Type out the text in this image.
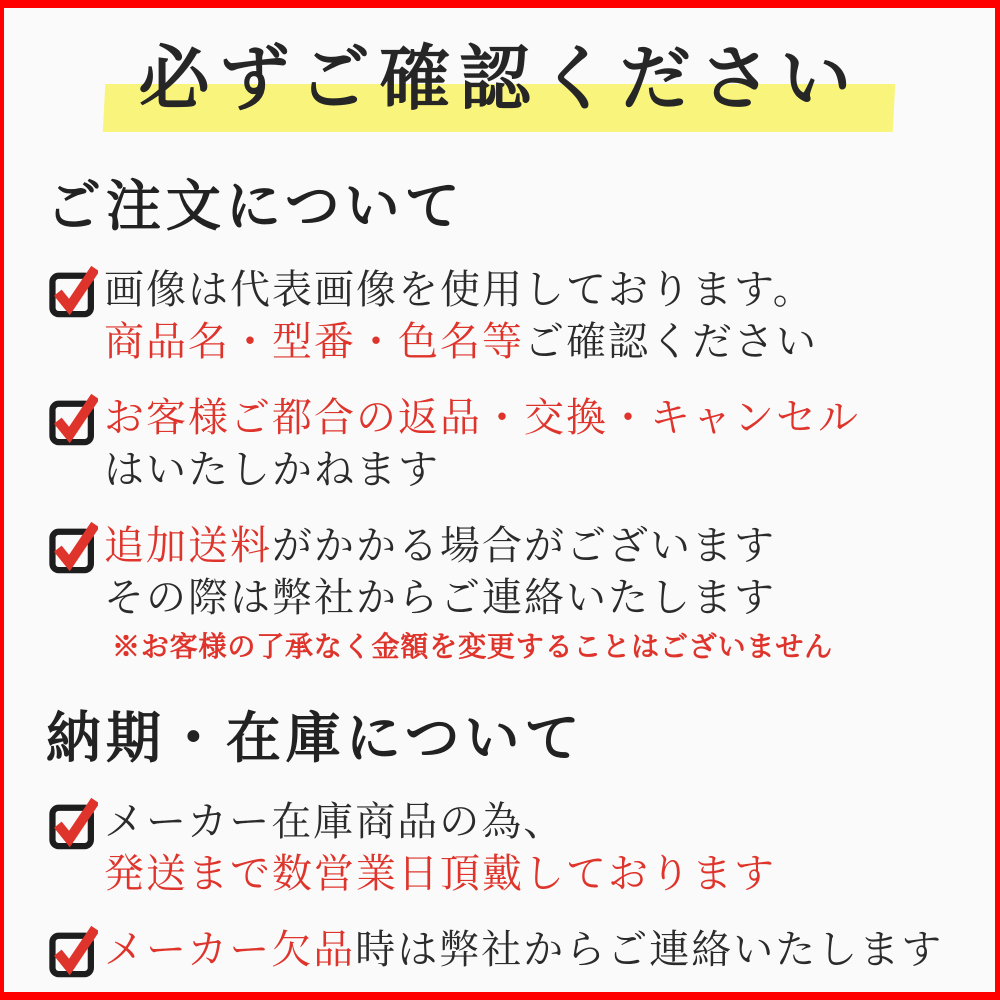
必ずご確認ください
ご注文について

画像は代表画像を使用しております。

商品名・型番・色名等ご確認ください

お客様ご都合の返品・交換・キャンセル

はいたしかねます

追加送料がかかる場合がございます

その際は弊社からご連絡いたします

※お客様の了承なく金額を変更することはございません

納期・在庫について

メーカー在庫商品の為、

発送まで数営業日頂戴しております

メーカー欠品時は弊社からご連絡いたします
